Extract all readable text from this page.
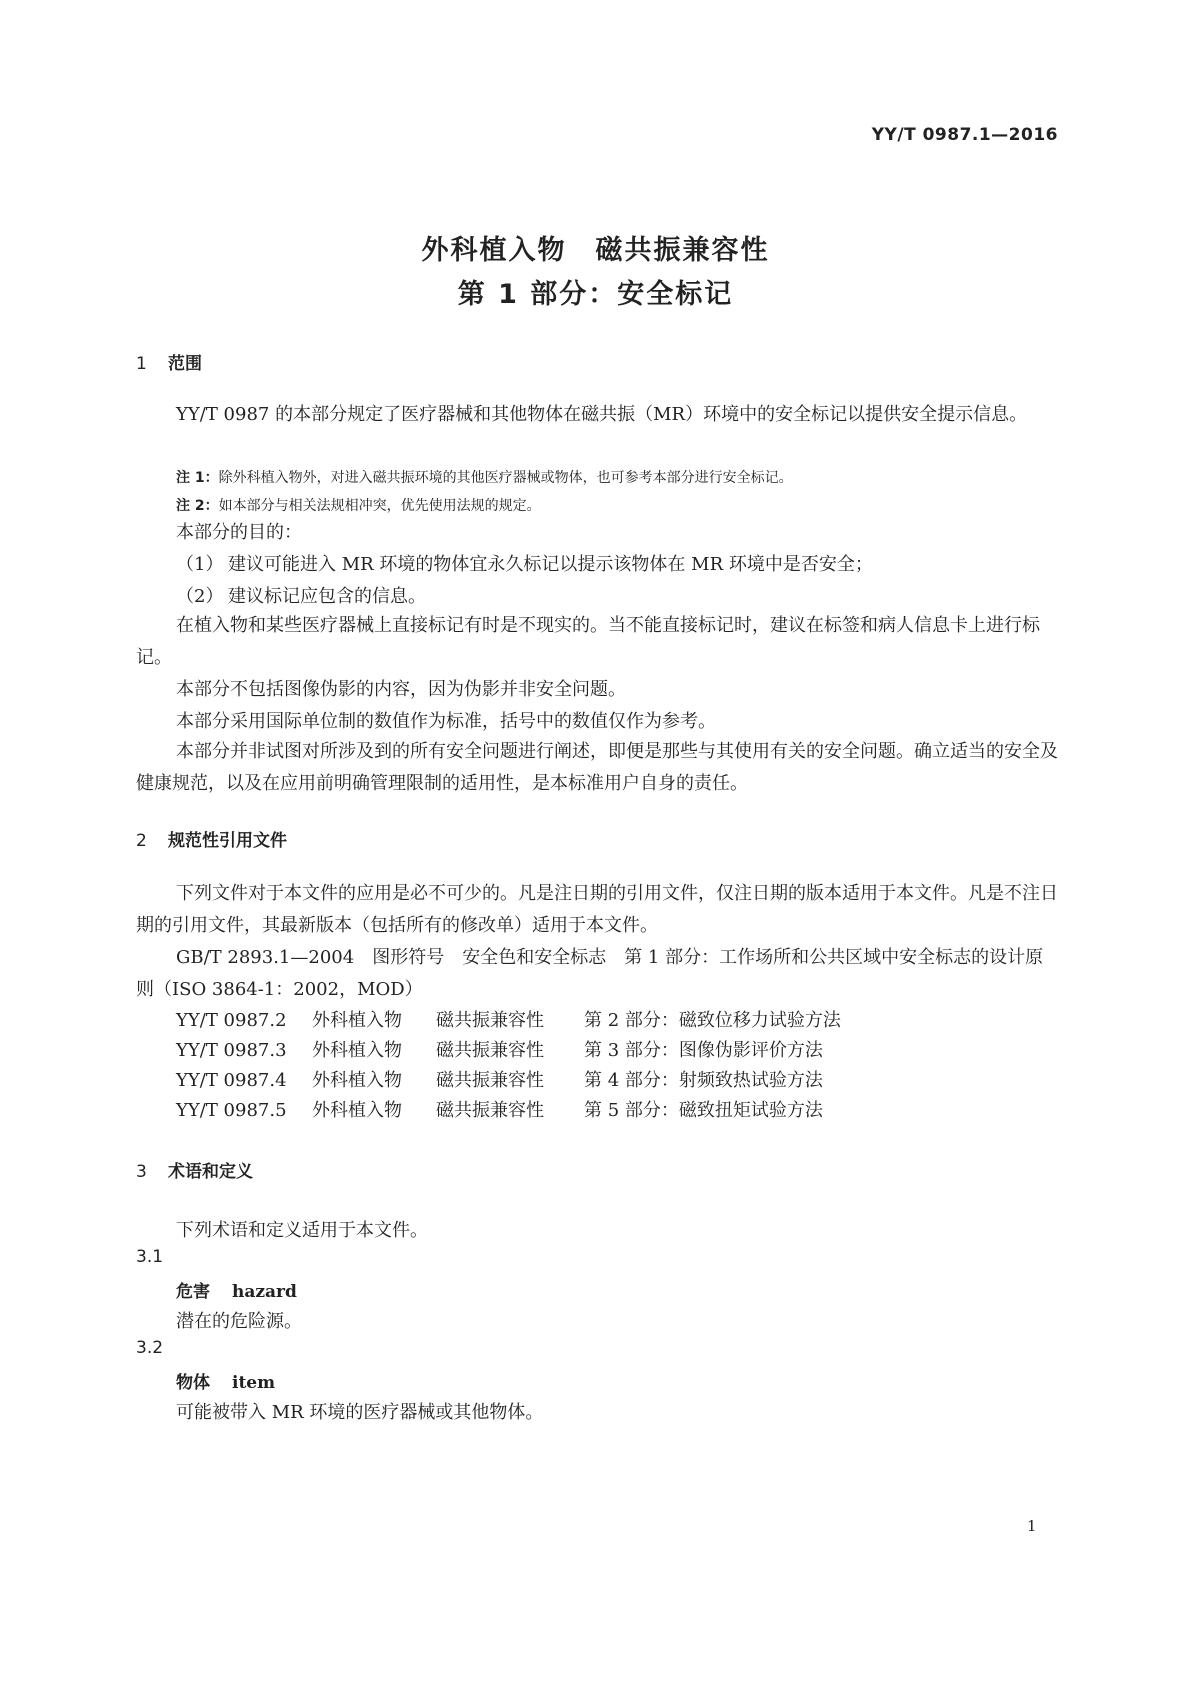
YY/T 0987.1—2016
外科植入物　磁共振兼容性
第 1 部分：安全标记
1 范围
YY/T 0987 的本部分规定了医疗器械和其他物体在磁共振（MR）环境中的安全标记以提供安全提示信息。
注 1：除外科植入物外，对进入磁共振环境的其他医疗器械或物体，也可参考本部分进行安全标记。
注 2：如本部分与相关法规相冲突，优先使用法规的规定。
本部分的目的：
（1） 建议可能进入 MR 环境的物体宜永久标记以提示该物体在 MR 环境中是否安全；
（2） 建议标记应包含的信息。
在植入物和某些医疗器械上直接标记有时是不现实的。当不能直接标记时，建议在标签和病人信息卡上进行标记。
本部分不包括图像伪影的内容，因为伪影并非安全问题。
本部分采用国际单位制的数值作为标准，括号中的数值仅作为参考。
本部分并非试图对所涉及到的所有安全问题进行阐述，即便是那些与其使用有关的安全问题。确立适当的安全及健康规范，以及在应用前明确管理限制的适用性，是本标准用户自身的责任。
2 规范性引用文件
下列文件对于本文件的应用是必不可少的。凡是注日期的引用文件，仅注日期的版本适用于本文件。凡是不注日期的引用文件，其最新版本（包括所有的修改单）适用于本文件。
GB/T 2893.1—2004　图形符号　安全色和安全标志　第 1 部分：工作场所和公共区域中安全标志的设计原则（ISO 3864-1：2002，MOD）
YY/T 0987.2 外科植入物 磁共振兼容性 第 2 部分：磁致位移力试验方法
YY/T 0987.3 外科植入物 磁共振兼容性 第 3 部分：图像伪影评价方法
YY/T 0987.4 外科植入物 磁共振兼容性 第 4 部分：射频致热试验方法
YY/T 0987.5 外科植入物 磁共振兼容性 第 5 部分：磁致扭矩试验方法
3 术语和定义
下列术语和定义适用于本文件。
3.1
危害 hazard
潜在的危险源。
3.2
物体 item
可能被带入 MR 环境的医疗器械或其他物体。
1
